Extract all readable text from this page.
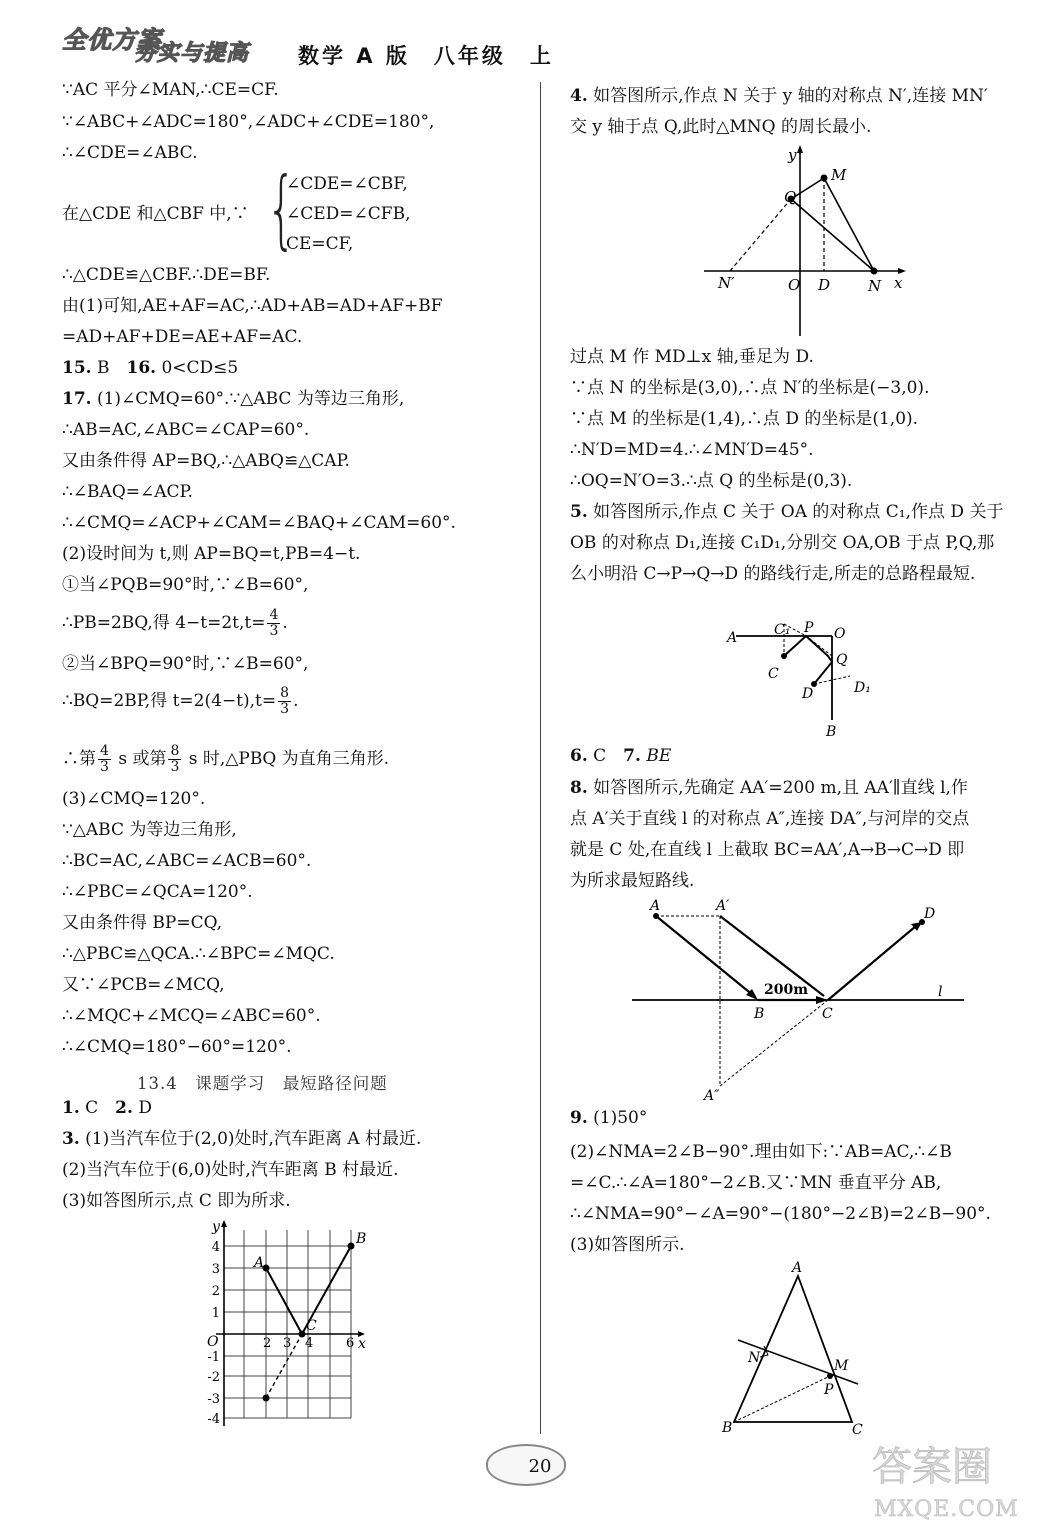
全优方案
夯实与提高 数学 A 版　八年级　上
∵AC 平分∠MAN,∴CE=CF.
∵∠ABC+∠ADC=180°,∠ADC+∠CDE=180°,
∴∠CDE=∠ABC.
在△CDE 和△CBF 中,∵ {
∠CDE=∠CBF,
∠CED=∠CFB,
CE=CF,
∴△CDE≌△CBF.∴DE=BF.
由(1)可知,AE+AF=AC,∴AD+AB=AD+AF+BF
=AD+AF+DE=AE+AF=AC.
15. B　16. 0<CD≤5
17. (1)∠CMQ=60°.∵△ABC 为等边三角形,
∴AB=AC,∠ABC=∠CAP=60°.
又由条件得 AP=BQ,∴△ABQ≌△CAP.
∴∠BAQ=∠ACP.
∴∠CMQ=∠ACP+∠CAM=∠BAQ+∠CAM=60°.
(2)设时间为 t,则 AP=BQ=t,PB=4−t.
①当∠PQB=90°时,∵∠B=60°,
∴PB=2BQ,得 $4-t=2t,t= \frac{4}{3}$ .
②当∠BPQ=90°时,∵∠B=60°,
∴BQ=2BP,得 $t=2(4-t),t= \frac{8}{3}$ .
∴第 $\frac{4}{3}$ s 或第 $\frac{8}{3}$ s 时,△PBQ 为直角三角形.
(3)∠CMQ=120°.
∵△ABC 为等边三角形,
∴BC=AC,∠ABC=∠ACB=60°.
∴∠PBC=∠QCA=120°.
又由条件得 BP=CQ,
∴△PBC≌△QCA.∴∠BPC=∠MQC.
又∵∠PCB=∠MCQ,
∴∠MQC+∠MCQ=∠ABC=60°.
∴∠CMQ=180°−60°=120°.
13.4　课题学习　最短路径问题
1. C　2. D
3. (1)当汽车位于(2,0)处时,汽车距离 A 村最近.
(2)当汽车位于(6,0)处时,汽车距离 B 村最近.
(3)如答图所示,点 C 即为所求.
y
x
O
4
3
2
1
-1
-2
-3
-4
2 3 4	6
A
B
C
4. 如答图所示,作点 N 关于 y 轴的对称点 N′,连接 MN′
交 y 轴于点 Q,此时△MNQ 的周长最小.
过点 M 作 MD⊥x 轴,垂足为 D.
∵点 N 的坐标是(3,0),∴点 N′的坐标是(−3,0).
∵点 M 的坐标是(1,4),∴点 D 的坐标是(1,0).
∴N′D=MD=4.∴∠MN′D=45°.
∴OQ=N′O=3.∴点 Q 的坐标是(0,3).
5. 如答图所示,作点 C 关于 OA 的对称点 C₁,作点 D 关于
OB 的对称点 D₁,连接 C₁D₁,分别交 OA,OB 于点 P,Q,那
么小明沿 C→P→Q→D 的路线行走,所走的总路程最短.
6. C　7. BE
8. 如答图所示,先确定 AA′=200 m,且 AA′∥直线 l,作
点 A′关于直线 l 的对称点 A″,连接 DA″,与河岸的交点
就是 C 处,在直线 l 上截取 BC=AA′,A→B→C→D 即
为所求最短路线.
9. (1)50°
(2)∠NMA=2∠B−90°.理由如下:∵AB=AC,∴∠B
=∠C.∴∠A=180°−2∠B.又∵MN 垂直平分 AB,
∴∠NMA=90°−∠A=90°−(180°−2∠B)=2∠B−90°.
(3)如答图所示.
y
x
M
Q
N′	O D	N
C₁ P O
A
Q
C
D	D₁
B
A	A′	D
200m	l
B	C
A″
A
N	M
P
B	C
20	答案圈
MXQE.COM
